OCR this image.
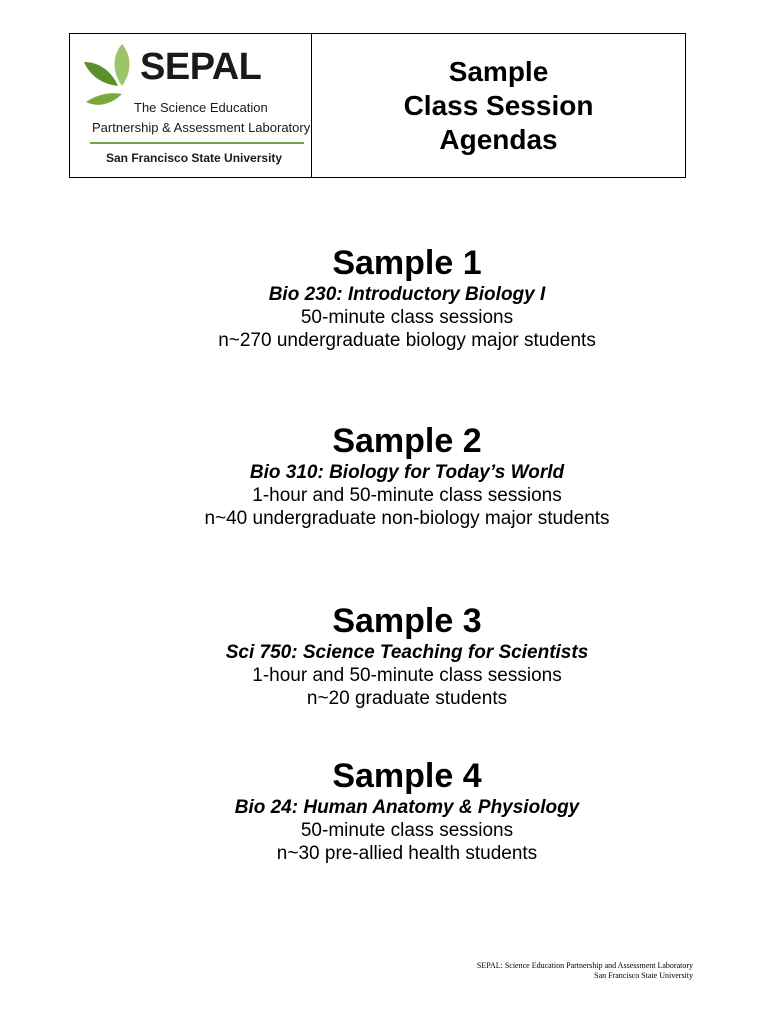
SEPAL
The Science Education
Partnership & Assessment Laboratory
San Francisco State University
Sample
Class Session
Agendas
Sample 1
Bio 230: Introductory Biology I
50-minute class sessions
n~270 undergraduate biology major students
Sample 2
Bio 310: Biology for Today’s World
1-hour and 50-minute class sessions
n~40 undergraduate non-biology major students
Sample 3
Sci 750: Science Teaching for Scientists
1-hour and 50-minute class sessions
n~20 graduate students
Sample 4
Bio 24: Human Anatomy & Physiology
50-minute class sessions
n~30 pre-allied health students
SEPAL: Science Education Partnership and Assessment Laboratory
San Francisco State University
